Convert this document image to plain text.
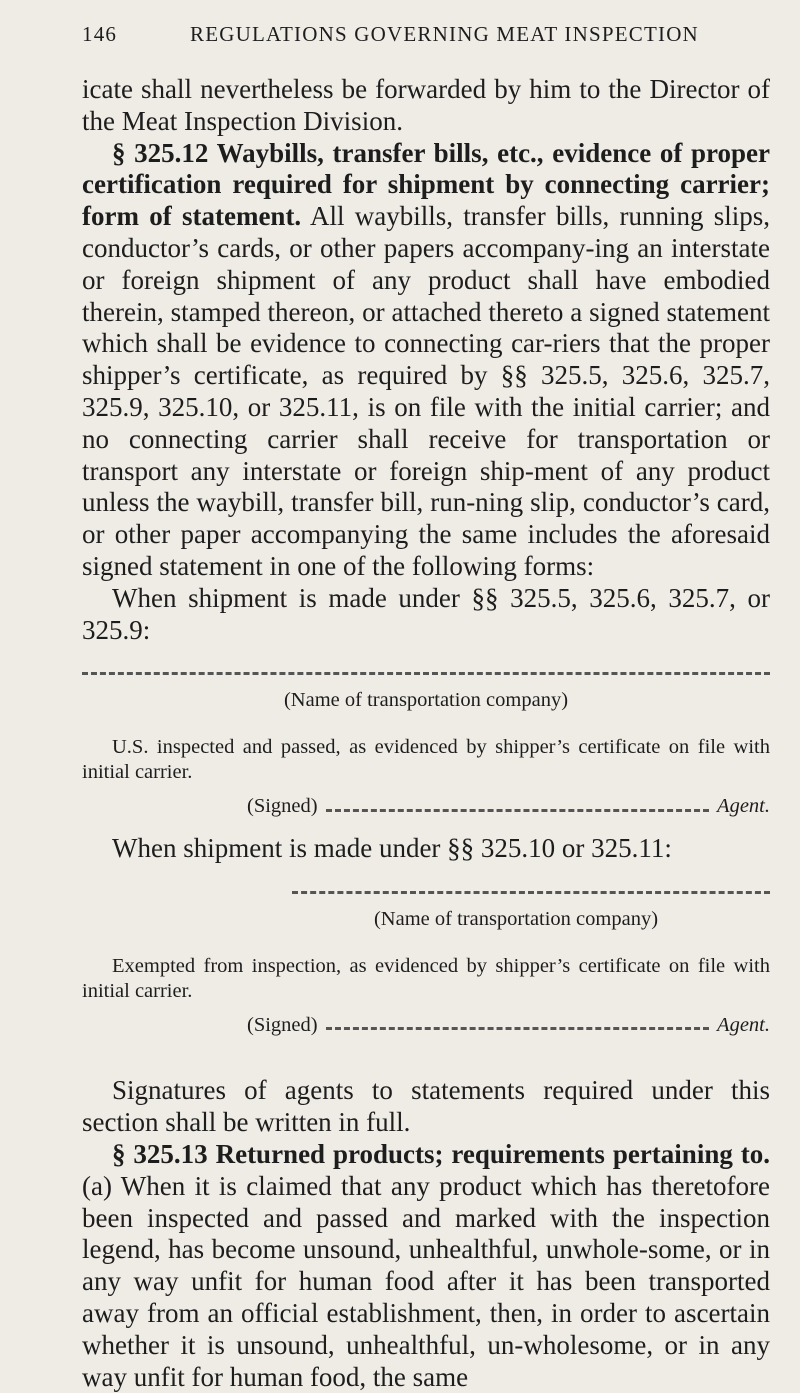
146	REGULATIONS GOVERNING MEAT INSPECTION

icate shall nevertheless be forwarded by him to the Director of the Meat Inspection Division.

§ 325.12 Waybills, transfer bills, etc., evidence of proper certification required for shipment by connecting carrier; form of statement. All waybills, transfer bills, running slips, conductor’s cards, or other papers accompany-ing an interstate or foreign shipment of any product shall have embodied therein, stamped thereon, or attached thereto a signed statement which shall be evidence to connecting car-riers that the proper shipper’s certificate, as required by §§ 325.5, 325.6, 325.7, 325.9, 325.10, or 325.11, is on file with the initial carrier; and no connecting carrier shall receive for transportation or transport any interstate or foreign ship-ment of any product unless the waybill, transfer bill, run-ning slip, conductor’s card, or other paper accompanying the same includes the aforesaid signed statement in one of the following forms:

When shipment is made under §§ 325.5, 325.6, 325.7, or 325.9:

(Name of transportation company)

U.S. inspected and passed, as evidenced by shipper’s certificate on file with initial carrier.

(Signed)	Agent.

When shipment is made under §§ 325.10 or 325.11:

(Name of transportation company)

Exempted from inspection, as evidenced by shipper’s certificate on file with initial carrier.

(Signed)	Agent.

Signatures of agents to statements required under this section shall be written in full.

§ 325.13 Returned products; requirements pertaining to. (a) When it is claimed that any product which has theretofore been inspected and passed and marked with the inspection legend, has become unsound, unhealthful, unwhole-some, or in any way unfit for human food after it has been transported away from an official establishment, then, in order to ascertain whether it is unsound, unhealthful, un-wholesome, or in any way unfit for human food, the same
